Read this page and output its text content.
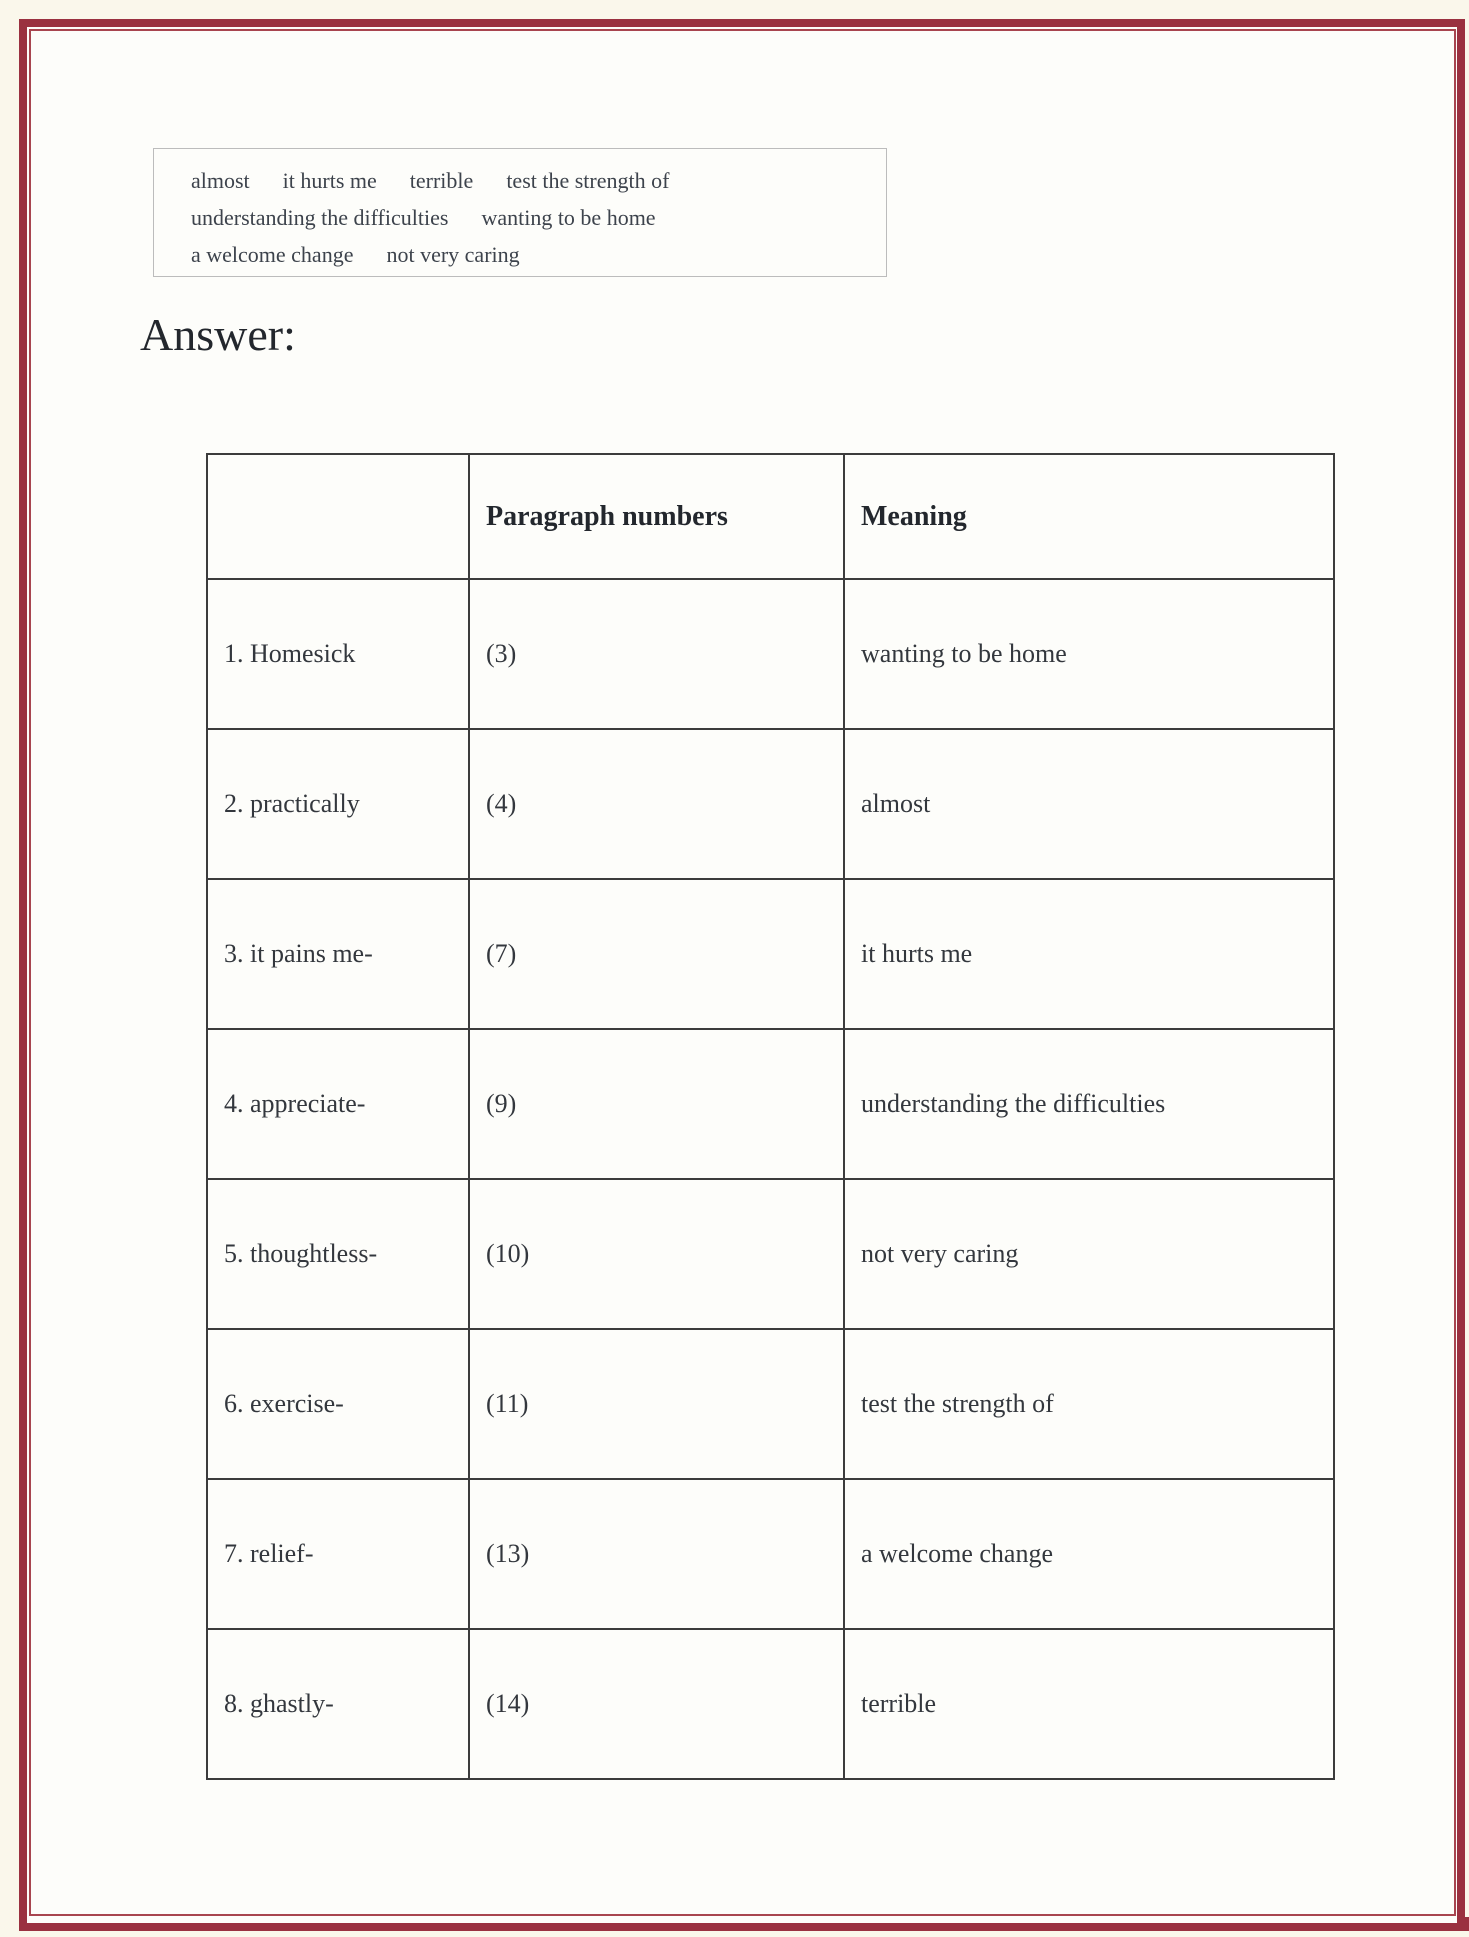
almost it hurts me terrible test the strength of
understanding the difficulties wanting to be home
a welcome change not very caring
Answer:
	Paragraph numbers	Meaning
1. Homesick	(3)	wanting to be home
2. practically	(4)	almost
3. it pains me-	(7)	it hurts me
4. appreciate-	(9)	understanding the difficulties
5. thoughtless-	(10)	not very caring
6. exercise-	(11)	test the strength of
7. relief-	(13)	a welcome change
8. ghastly-	(14)	terrible
